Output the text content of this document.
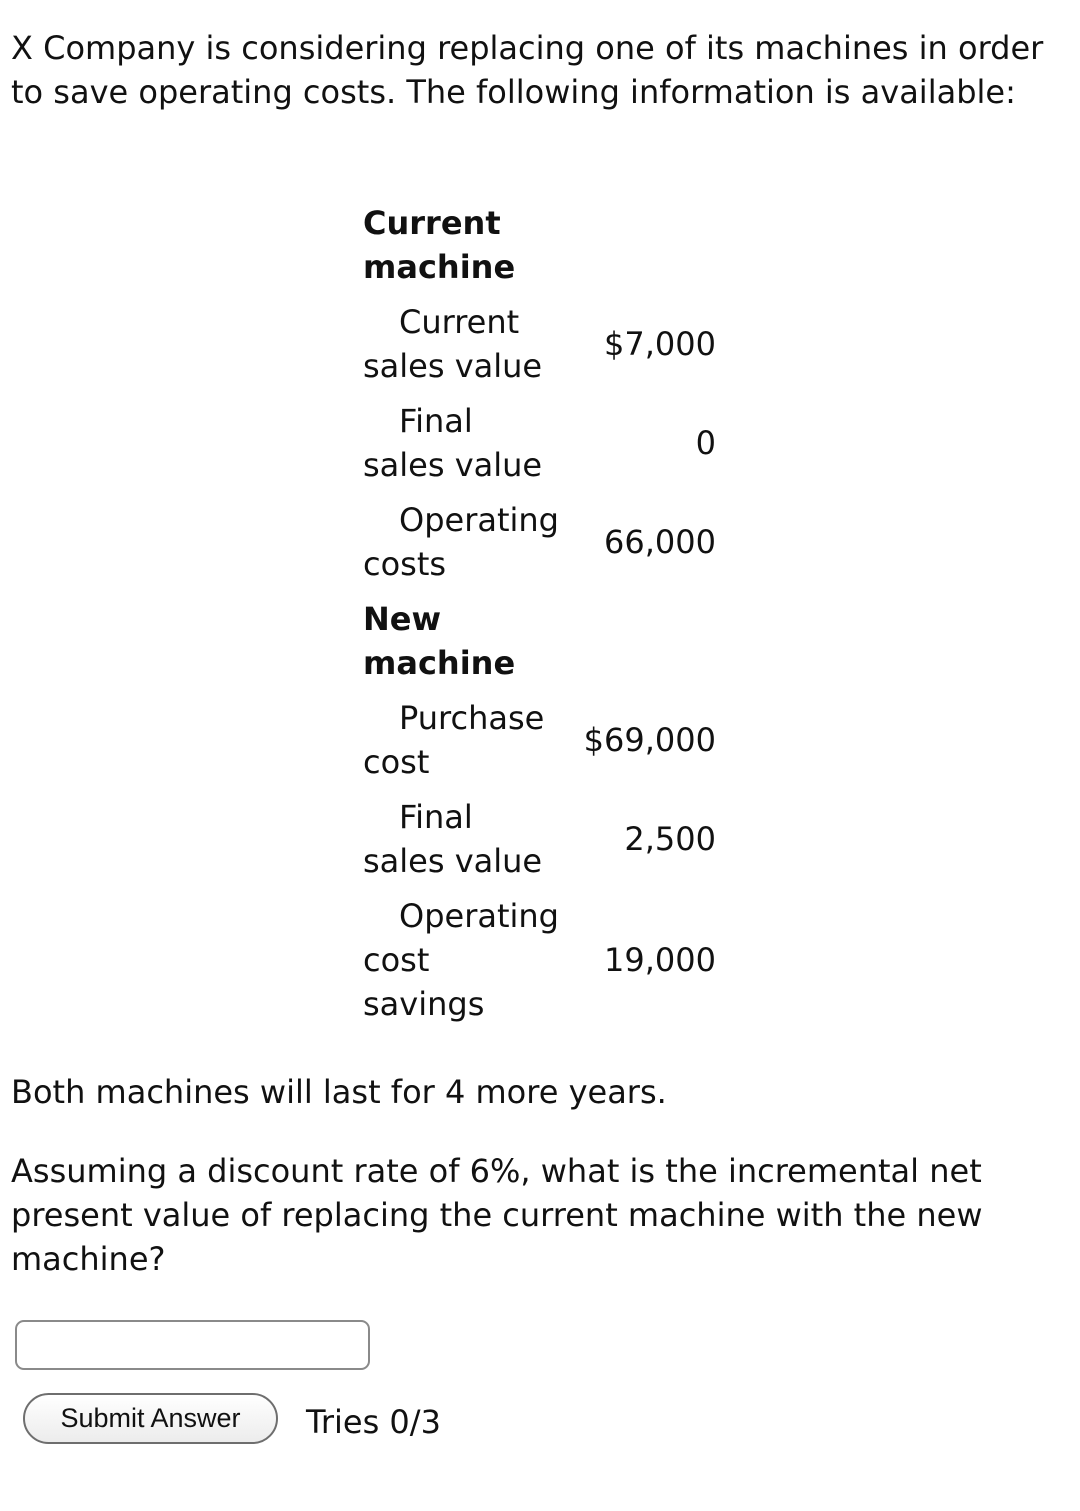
X Company is considering replacing one of its machines in order to save operating costs. The following information is available:

Current machine
Current
sales value
$7,000
Final
sales value
0
Operating
costs
66,000
New machine
Purchase
cost
$69,000
Final
sales value
2,500
Operating
cost savings
19,000

Both machines will last for 4 more years.

Assuming a discount rate of 6%, what is the incremental net present value of replacing the current machine with the new machine?

Submit Answer	Tries 0/3
